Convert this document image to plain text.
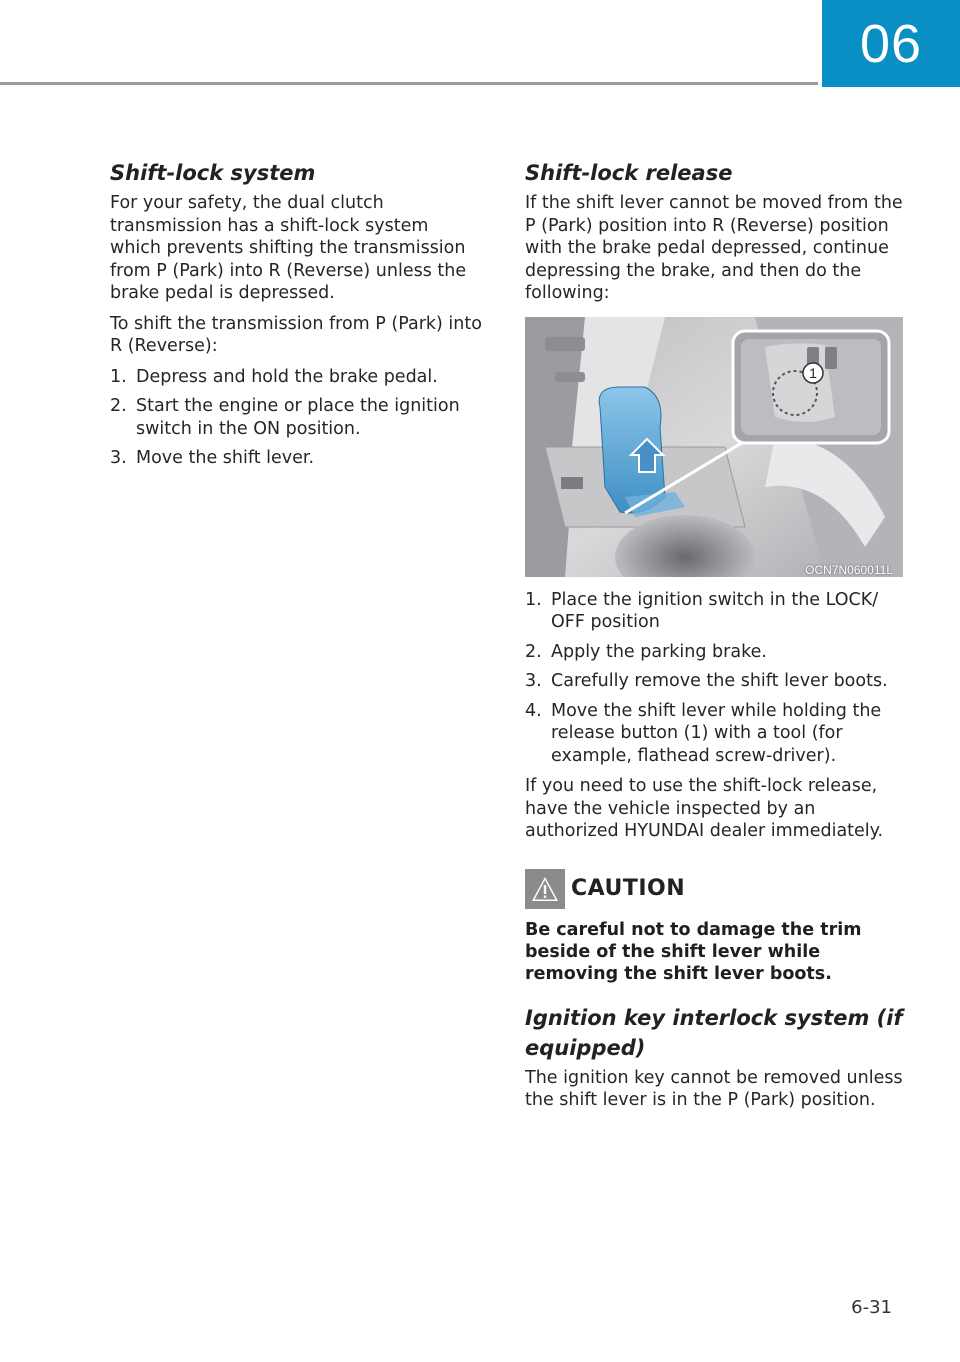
06
Shift-lock system

For your safety, the dual clutch transmission has a shift-lock system which prevents shifting the transmission from P (Park) into R (Reverse) unless the brake pedal is depressed.

To shift the transmission from P (Park) into R (Reverse):

1. Depress and hold the brake pedal.
2. Start the engine or place the ignition switch in the ON position.
3. Move the shift lever.
Shift-lock release

If the shift lever cannot be moved from the P (Park) position into R (Reverse) position with the brake pedal depressed, continue depressing the brake, and then do the following:

1
OCN7N060011L
1. Place the ignition switch in the LOCK/ OFF position
2. Apply the parking brake.
3. Carefully remove the shift lever boots.
4. Move the shift lever while holding the release button (1) with a tool (for example, flathead screw-driver).

If you need to use the shift-lock release, have the vehicle inspected by an authorized HYUNDAI dealer immediately.

CAUTION

Be careful not to damage the trim beside of the shift lever while removing the shift lever boots.

Ignition key interlock system (if equipped)

The ignition key cannot be removed unless the shift lever is in the P (Park) position.

6-31
